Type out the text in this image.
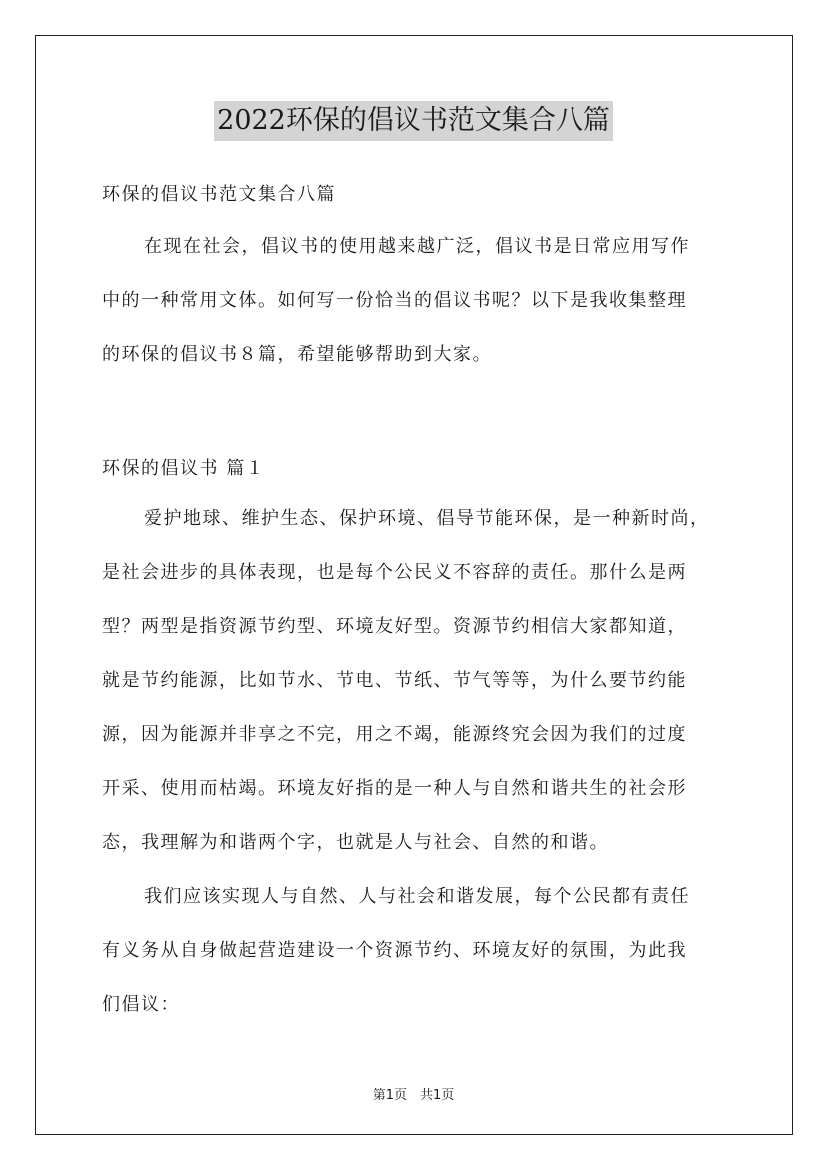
2022环保的倡议书范文集合八篇
环保的倡议书范文集合八篇
在现在社会，倡议书的使用越来越广泛，倡议书是日常应用写作
中的一种常用文体。如何写一份恰当的倡议书呢？以下是我收集整理
的环保的倡议书８篇，希望能够帮助到大家。
环保的倡议书 篇１
爱护地球、维护生态、保护环境、倡导节能环保，是一种新时尚，
是社会进步的具体表现，也是每个公民义不容辞的责任。那什么是两
型？两型是指资源节约型、环境友好型。资源节约相信大家都知道，
就是节约能源，比如节水、节电、节纸、节气等等，为什么要节约能
源，因为能源并非享之不完，用之不竭，能源终究会因为我们的过度
开采、使用而枯竭。环境友好指的是一种人与自然和谐共生的社会形
态，我理解为和谐两个字，也就是人与社会、自然的和谐。
我们应该实现人与自然、人与社会和谐发展，每个公民都有责任
有义务从自身做起营造建设一个资源节约、环境友好的氛围，为此我
们倡议：
第1页　共1页
